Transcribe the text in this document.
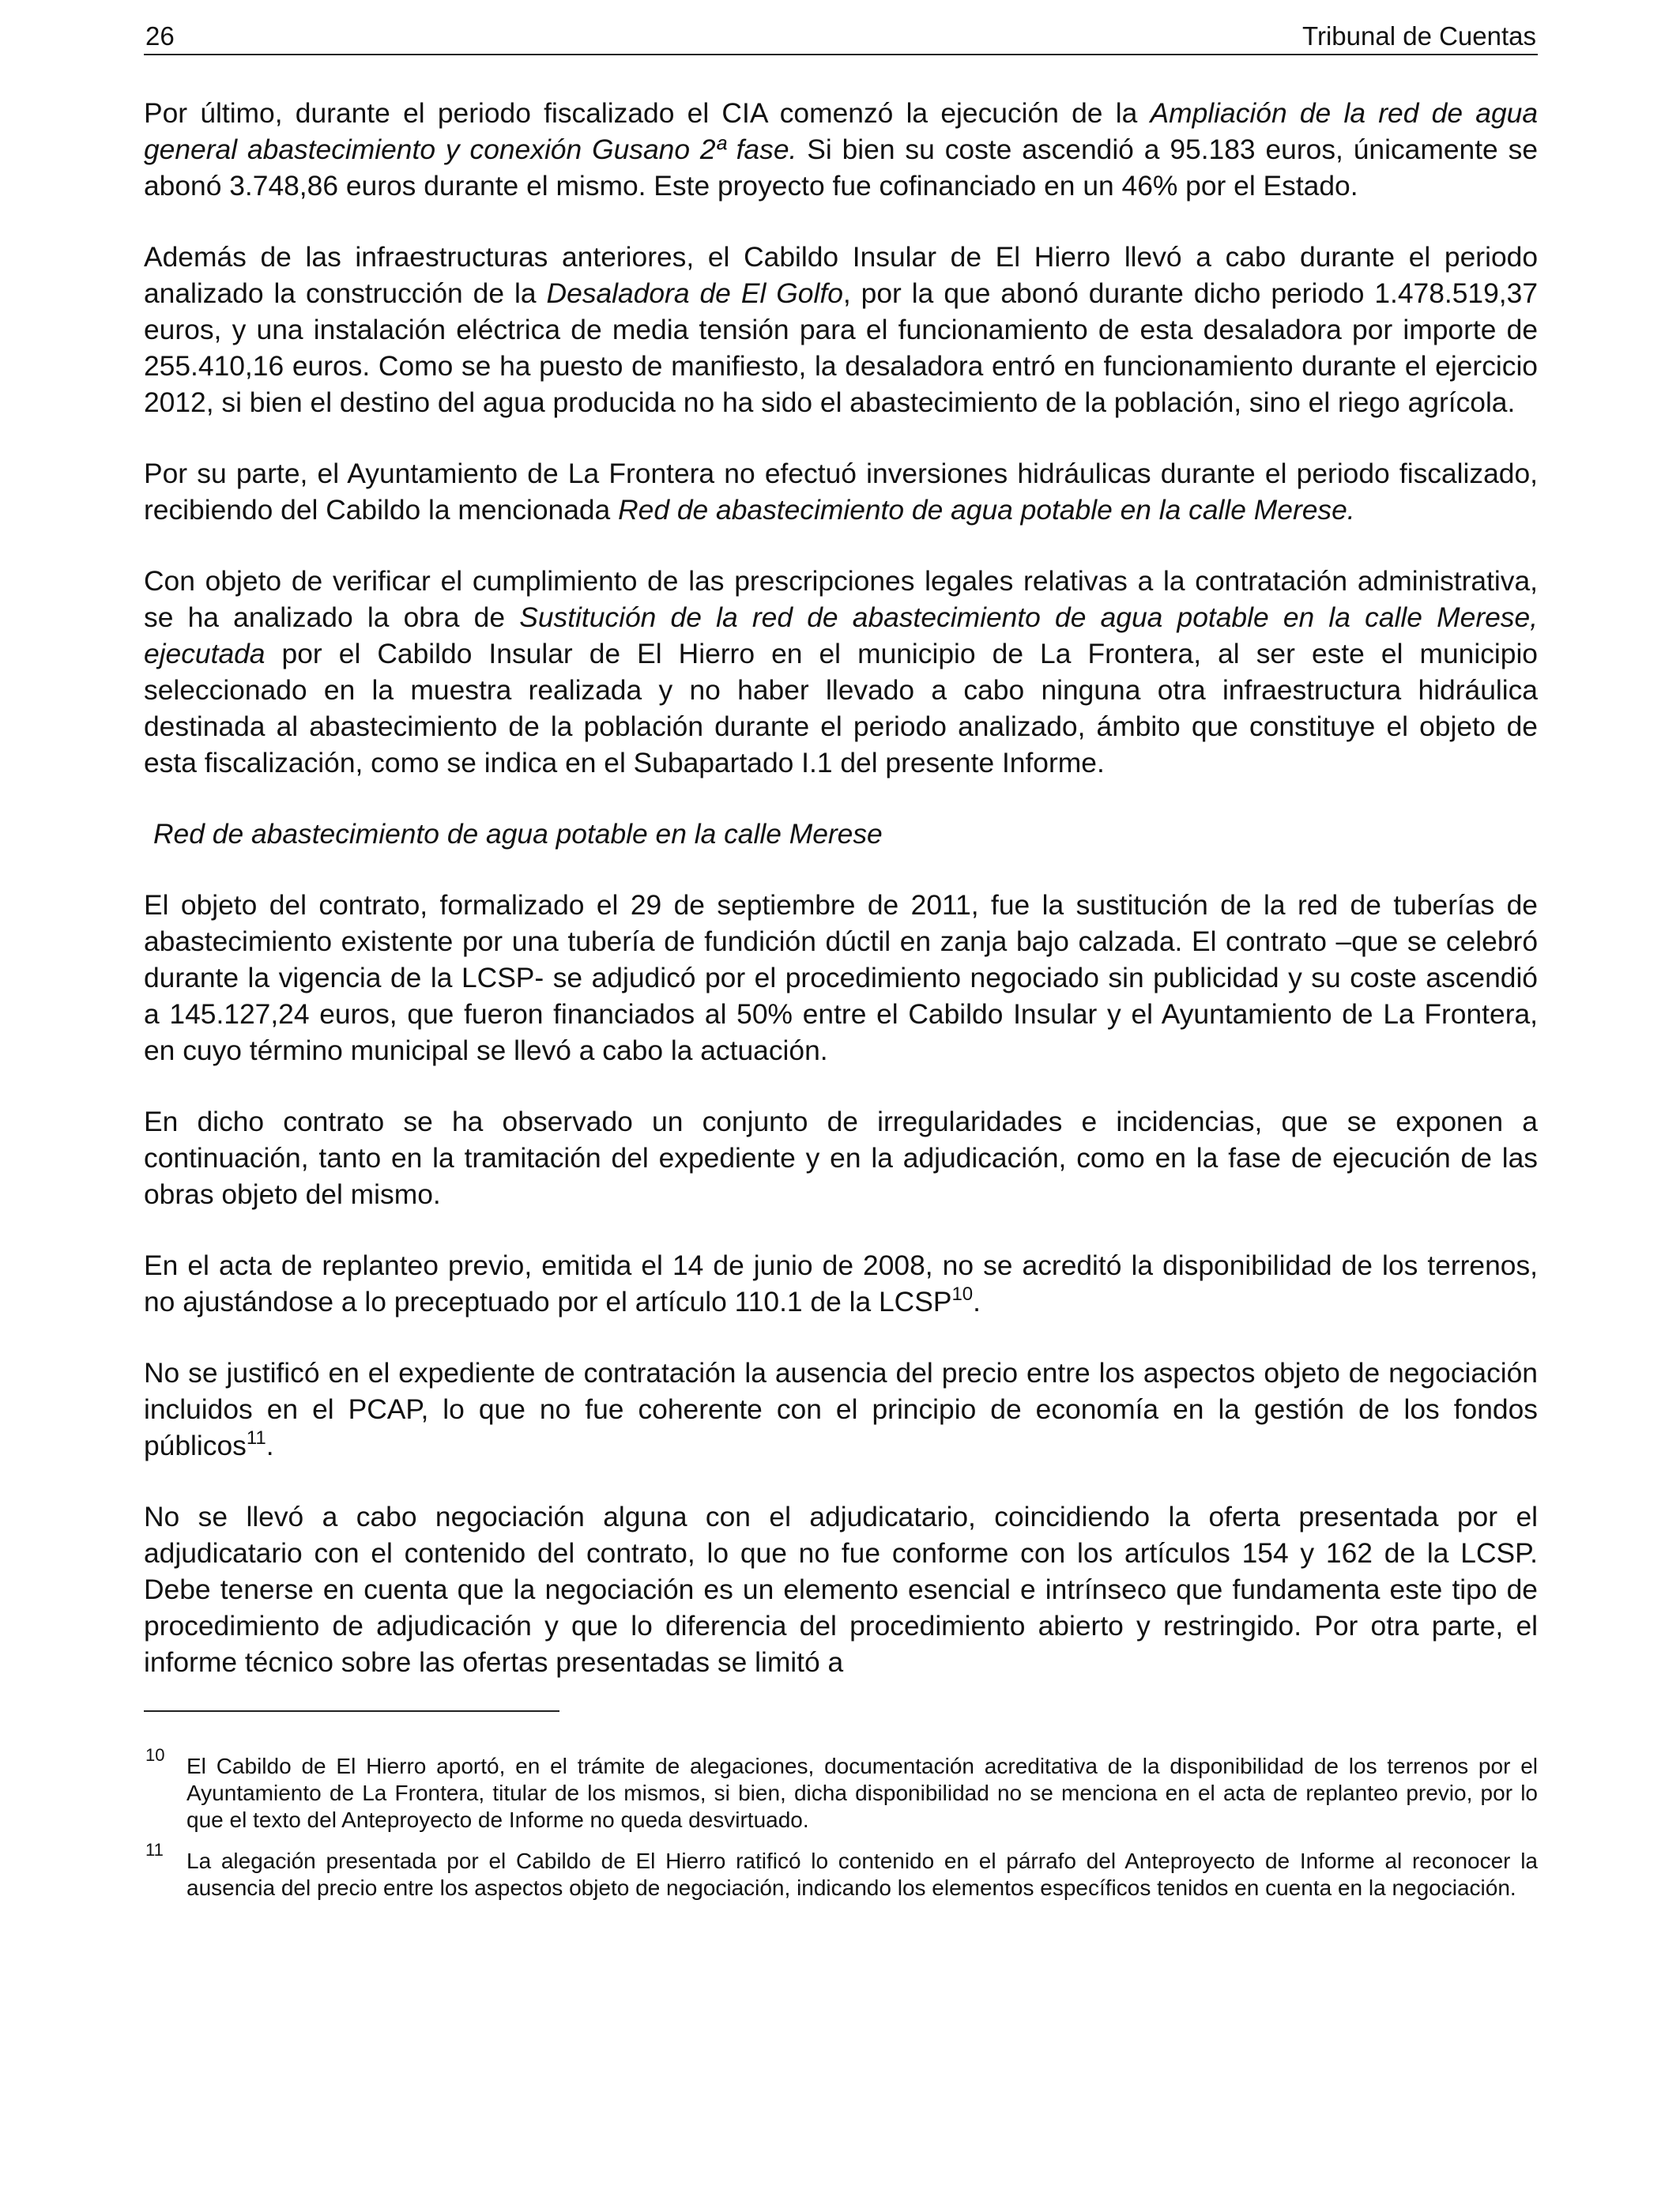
26	Tribunal de Cuentas

Por último, durante el periodo fiscalizado el CIA comenzó la ejecución de la Ampliación de la red de agua general abastecimiento y conexión Gusano 2ª fase. Si bien su coste ascendió a 95.183 euros, únicamente se abonó 3.748,86 euros durante el mismo. Este proyecto fue cofinanciado en un 46% por el Estado.

Además de las infraestructuras anteriores, el Cabildo Insular de El Hierro llevó a cabo durante el periodo analizado la construcción de la Desaladora de El Golfo, por la que abonó durante dicho periodo 1.478.519,37 euros, y una instalación eléctrica de media tensión para el funcionamiento de esta desaladora por importe de 255.410,16 euros. Como se ha puesto de manifiesto, la desaladora entró en funcionamiento durante el ejercicio 2012, si bien el destino del agua producida no ha sido el abastecimiento de la población, sino el riego agrícola.

Por su parte, el Ayuntamiento de La Frontera no efectuó inversiones hidráulicas durante el periodo fiscalizado, recibiendo del Cabildo la mencionada Red de abastecimiento de agua potable en la calle Merese.

Con objeto de verificar el cumplimiento de las prescripciones legales relativas a la contratación administrativa, se ha analizado la obra de Sustitución de la red de abastecimiento de agua potable en la calle Merese, ejecutada por el Cabildo Insular de El Hierro en el municipio de La Frontera, al ser este el municipio seleccionado en la muestra realizada y no haber llevado a cabo ninguna otra infraestructura hidráulica destinada al abastecimiento de la población durante el periodo analizado, ámbito que constituye el objeto de esta fiscalización, como se indica en el Subapartado I.1 del presente Informe.

Red de abastecimiento de agua potable en la calle Merese

El objeto del contrato, formalizado el 29 de septiembre de 2011, fue la sustitución de la red de tuberías de abastecimiento existente por una tubería de fundición dúctil en zanja bajo calzada. El contrato –que se celebró durante la vigencia de la LCSP- se adjudicó por el procedimiento negociado sin publicidad y su coste ascendió a 145.127,24 euros, que fueron financiados al 50% entre el Cabildo Insular y el Ayuntamiento de La Frontera, en cuyo término municipal se llevó a cabo la actuación.

En dicho contrato se ha observado un conjunto de irregularidades e incidencias, que se exponen a continuación, tanto en la tramitación del expediente y en la adjudicación, como en la fase de ejecución de las obras objeto del mismo.

En el acta de replanteo previo, emitida el 14 de junio de 2008, no se acreditó la disponibilidad de los terrenos, no ajustándose a lo preceptuado por el artículo 110.1 de la LCSP$^{10}$.

No se justificó en el expediente de contratación la ausencia del precio entre los aspectos objeto de negociación incluidos en el PCAP, lo que no fue coherente con el principio de economía en la gestión de los fondos públicos$^{11}$.

No se llevó a cabo negociación alguna con el adjudicatario, coincidiendo la oferta presentada por el adjudicatario con el contenido del contrato, lo que no fue conforme con los artículos 154 y 162 de la LCSP. Debe tenerse en cuenta que la negociación es un elemento esencial e intrínseco que fundamenta este tipo de procedimiento de adjudicación y que lo diferencia del procedimiento abierto y restringido. Por otra parte, el informe técnico sobre las ofertas presentadas se limitó a

10 El Cabildo de El Hierro aportó, en el trámite de alegaciones, documentación acreditativa de la disponibilidad de los terrenos por el Ayuntamiento de La Frontera, titular de los mismos, si bien, dicha disponibilidad no se menciona en el acta de replanteo previo, por lo que el texto del Anteproyecto de Informe no queda desvirtuado.
11 La alegación presentada por el Cabildo de El Hierro ratificó lo contenido en el párrafo del Anteproyecto de Informe al reconocer la ausencia del precio entre los aspectos objeto de negociación, indicando los elementos específicos tenidos en cuenta en la negociación.
